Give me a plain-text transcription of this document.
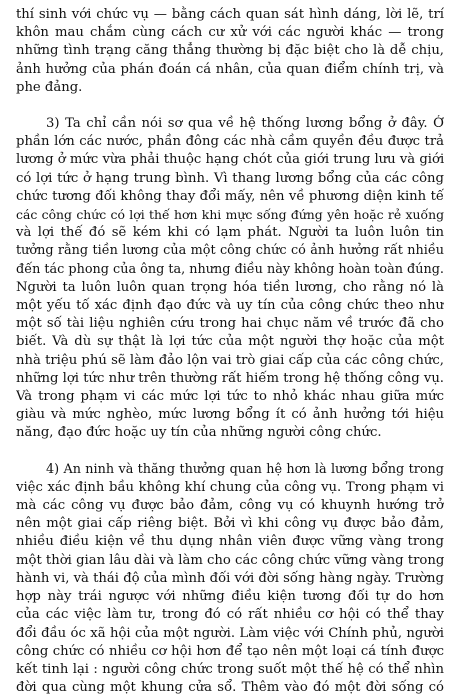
thí sinh với chức vụ — bằng cách quan sát hình dáng, lời lẽ, trí
khôn mau chắm cùng cách cư xử với các người khác — trong
những tình trạng căng thẳng thường bị đặc biệt cho là dễ chịu,
ảnh hưởng của phán đoán cá nhân, của quan điểm chính trị, và
phe đảng.
3) Ta chỉ cần nói sơ qua về hệ thống lương bổng ở đây. Ở
phần lớn các nước, phần đông các nhà cầm quyền đều được trả
lương ở mức vừa phải thuộc hạng chót của giới trung lưu và giới
có lợi tức ở hạng trung bình. Vì thang lương bổng của các công
chức tương đối không thay đổi mấy, nên về phương diện kinh tế
các công chức có lợi thế hơn khi mực sống đứng yên hoặc rẻ xuống
và lợi thế đó sẽ kém khi có lạm phát. Người ta luôn luôn tin
tưởng rằng tiền lương của một công chức có ảnh hưởng rất nhiều
đến tác phong của ông ta, nhưng điều này không hoàn toàn đúng.
Người ta luôn luôn quan trọng hóa tiền lương, cho rằng nó là
một yếu tố xác định đạo đức và uy tín của công chức theo như
một số tài liệu nghiên cứu trong hai chục năm về trước đã cho
biết. Và dù sự thật là lợi tức của một người thợ hoặc của một
nhà triệu phú sẽ làm đảo lộn vai trò giai cấp của các công chức,
những lợi tức như trên thường rất hiếm trong hệ thống công vụ.
Và trong phạm vi các mức lợi tức to nhỏ khác nhau giữa mức
giàu và mức nghèo, mức lương bổng ít có ảnh hưởng tới hiệu
năng, đạo đức hoặc uy tín của những người công chức.
4) An ninh và thăng thưởng quan hệ hơn là lương bổng trong
việc xác định bầu không khí chung của công vụ. Trong phạm vi
mà các công vụ được bảo đảm, công vụ có khuynh hướng trở
nên một giai cấp riêng biệt. Bởi vì khi công vụ được bảo đảm,
nhiều điều kiện về thu dụng nhân viên được vững vàng trong
một thời gian lâu dài và làm cho các công chức vững vàng trong
hành vi, và thái độ của mình đối với đời sống hàng ngày. Trường
hợp này trái ngược với những điều kiện tương đối tự do hơn
của các việc làm tư, trong đó có rất nhiều cơ hội có thể thay
đổi đầu óc xã hội của một người. Làm việc với Chính phủ, người
công chức có nhiều cơ hội hơn để tạo nên một loại cá tính được
kết tinh lại : người công chức trong suốt một thế hệ có thể nhìn
đời qua cùng một khung cửa sổ. Thêm vào đó một đời sống có
